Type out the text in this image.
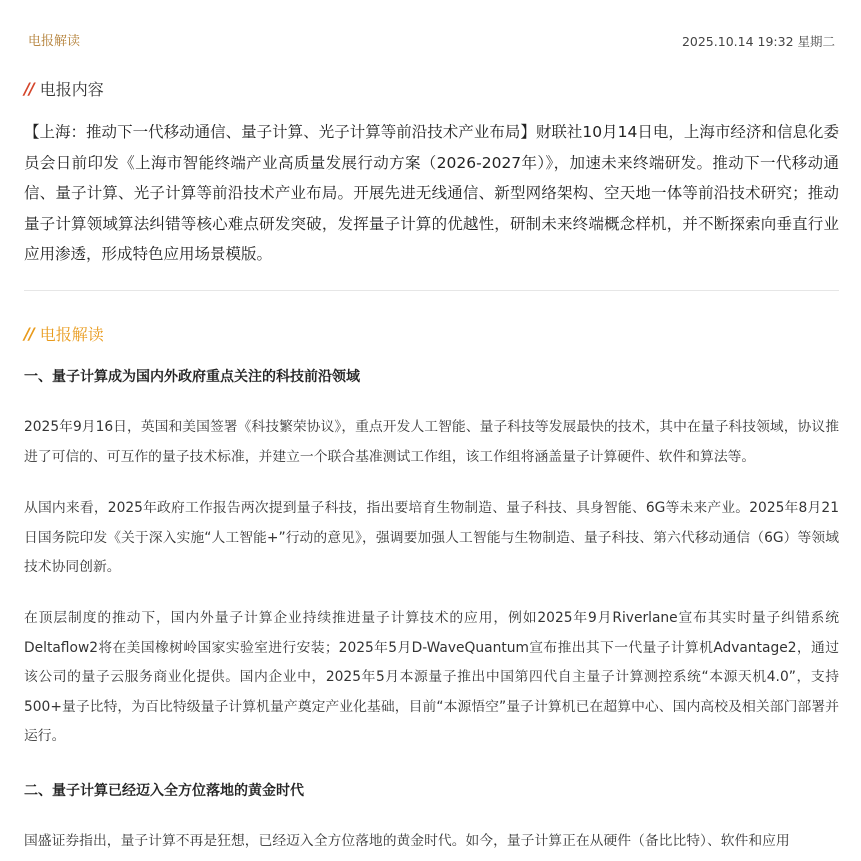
电报解读	2025.10.14 19:32 星期二
// 电报内容

【上海：推动下一代移动通信、量子计算、光子计算等前沿技术产业布局】财联社10月14日电，上海市经济和信息化委员会日前印发《上海市智能终端产业高质量发展行动方案（2026-2027年）》，加速未来终端研发。推动下一代移动通信、量子计算、光子计算等前沿技术产业布局。开展先进无线通信、新型网络架构、空天地一体等前沿技术研究；推动量子计算领域算法纠错等核心难点研发突破，发挥量子计算的优越性，研制未来终端概念样机，并不断探索向垂直行业应用渗透，形成特色应用场景模版。

// 电报解读

一、量子计算成为国内外政府重点关注的科技前沿领域

2025年9月16日，英国和美国签署《科技繁荣协议》，重点开发人工智能、量子科技等发展最快的技术，其中在量子科技领域，协议推进了可信的、可互作的量子技术标准，并建立一个联合基准测试工作组，该工作组将涵盖量子计算硬件、软件和算法等。

从国内来看，2025年政府工作报告两次提到量子科技，指出要培育生物制造、量子科技、具身智能、6G等未来产业。2025年8月21日国务院印发《关于深入实施“人工智能+”行动的意见》，强调要加强人工智能与生物制造、量子科技、第六代移动通信（6G）等领域技术协同创新。

在顶层制度的推动下，国内外量子计算企业持续推进量子计算技术的应用，例如2025年9月Riverlane宣布其实时量子纠错系统Deltaflow2将在美国橡树岭国家实验室进行安装；2025年5月D-WaveQuantum宣布推出其下一代量子计算机Advantage2，通过该公司的量子云服务商业化提供。国内企业中，2025年5月本源量子推出中国第四代自主量子计算测控系统“本源天机4.0”，支持500+量子比特，为百比特级量子计算机量产奠定产业化基础，目前“本源悟空”量子计算机已在超算中心、国内高校及相关部门部署并运行。

二、量子计算已经迈入全方位落地的黄金时代

国盛证券指出，量子计算不再是狂想，已经迈入全方位落地的黄金时代。如今，量子计算正在从硬件（备比比特）、软件和应用
